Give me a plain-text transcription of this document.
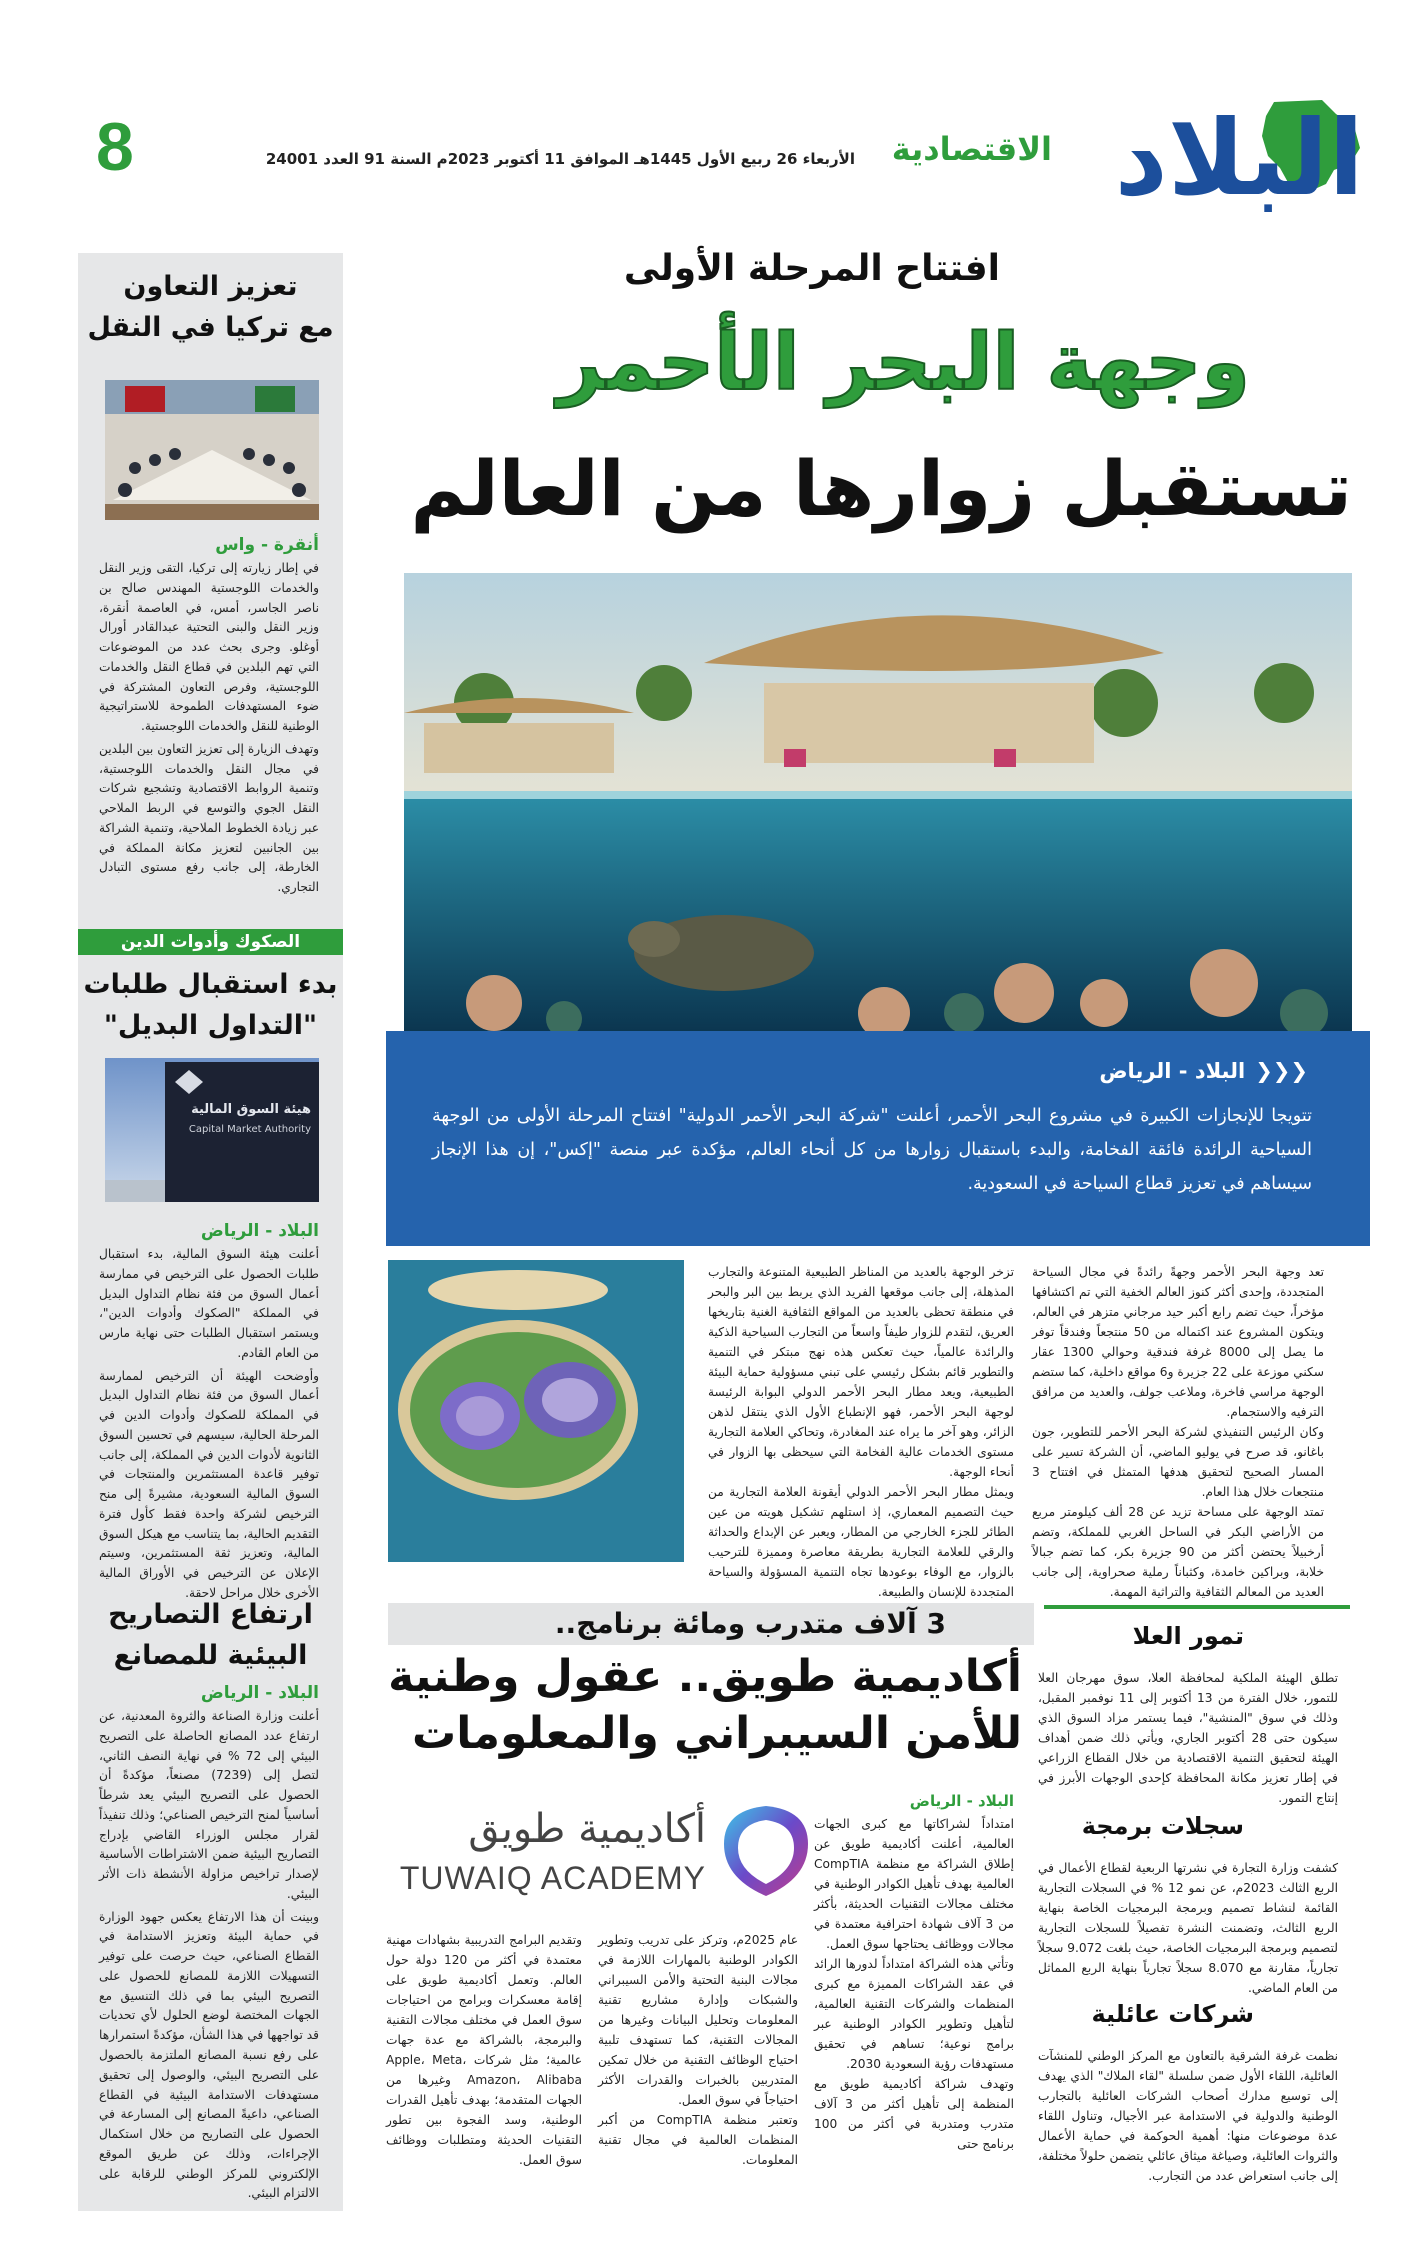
البلاد
الاقتصادية
الأربعاء 26 ربيع الأول 1445هـ الموافق 11 أكتوبر 2023م السنة 91 العدد 24001
8
تعزيز التعاون
مع تركيا في النقل
أنقرة - واس

في إطار زيارته إلى تركيا، التقى وزير النقل والخدمات اللوجستية المهندس صالح بن ناصر الجاسر، أمس، في العاصمة أنقرة، وزير النقل والبنى التحتية عبدالقادر أورال أوغلو. وجرى بحث عدد من الموضوعات التي تهم البلدين في قطاع النقل والخدمات اللوجستية، وفرص التعاون المشتركة في ضوء المستهدفات الطموحة للاستراتيجية الوطنية للنقل والخدمات اللوجستية.

وتهدف الزيارة إلى تعزيز التعاون بين البلدين في مجال النقل والخدمات اللوجستية، وتنمية الروابط الاقتصادية وتشجيع شركات النقل الجوي والتوسع في الربط الملاحي عبر زيادة الخطوط الملاحية، وتنمية الشراكة بين الجانبين لتعزيز مكانة المملكة في الخارطة، إلى جانب رفع مستوى التبادل التجاري.

الصكوك وأدوات الدين
بدء استقبال طلبات
"التداول البديل"
هيئة السوق المالية
Capital Market Authority
البلاد - الرياض

أعلنت هيئة السوق المالية، بدء استقبال طلبات الحصول على الترخيص في ممارسة أعمال السوق من فئة نظام التداول البديل في المملكة "الصكوك وأدوات الدين"، ويستمر استقبال الطلبات حتى نهاية مارس من العام القادم.

وأوضحت الهيئة أن الترخيص لممارسة أعمال السوق من فئة نظام التداول البديل في المملكة للصكوك وأدوات الدين في المرحلة الحالية، سيسهم في تحسين السوق الثانوية لأدوات الدين في المملكة، إلى جانب توفير قاعدة المستثمرين والمنتجات في السوق المالية السعودية، مشيرةً إلى منح الترخيص لشركة واحدة فقط كأول فترة التقديم الحالية، بما يتناسب مع هيكل السوق المالية، وتعزيز ثقة المستثمرين، وسيتم الإعلان عن الترخيص في الأوراق المالية الأخرى خلال مراحل لاحقة.

ارتفاع التصاريح
البيئية للمصانع
البلاد - الرياض

أعلنت وزارة الصناعة والثروة المعدنية، عن ارتفاع عدد المصانع الحاصلة على التصريح البيئي إلى 72 % في نهاية النصف الثاني، لتصل إلى (7239) مصنعاً، مؤكدةً أن الحصول على التصريح البيئي يعد شرطاً أساسياً لمنح الترخيص الصناعي؛ وذلك تنفيذاً لقرار مجلس الوزراء القاضي بإدراج التصاريح البيئية ضمن الاشتراطات الأساسية لإصدار تراخيص مزاولة الأنشطة ذات الأثر البيئي.

وبينت أن هذا الارتفاع يعكس جهود الوزارة في حماية البيئة وتعزيز الاستدامة في القطاع الصناعي، حيث حرصت على توفير التسهيلات اللازمة للمصانع للحصول على التصريح البيئي بما في ذلك التنسيق مع الجهات المختصة لوضع الحلول لأي تحديات قد تواجهها في هذا الشأن، مؤكدةً استمرارها على رفع نسبة المصانع الملتزمة بالحصول على التصريح البيئي، والوصول إلى تحقيق مستهدفات الاستدامة البيئية في القطاع الصناعي، داعيةً المصانع إلى المسارعة في الحصول على التصاريح من خلال استكمال الإجراءات، وذلك عن طريق الموقع الإلكتروني للمركز الوطني للرقابة على الالتزام البيئي.

افتتاح المرحلة الأولى
وجهة البحر الأحمر
تستقبل زوارها من العالم
❮❮❮البلاد - الرياض
تتويجا للإنجازات الكبيرة في مشروع البحر الأحمر، أعلنت "شركة البحر الأحمر الدولية" افتتاح المرحلة الأولى من الوجهة السياحية الرائدة فائقة الفخامة، والبدء باستقبال زوارها من كل أنحاء العالم، مؤكدة عبر منصة "إكس"، إن هذا الإنجاز سيساهم في تعزيز قطاع السياحة في السعودية.
تعد وجهة البحر الأحمر وجهةً رائدةً في مجال السياحة المتجددة، وإحدى أكثر كنوز العالم الخفية التي تم اكتشافها مؤخراً، حيث تضم رابع أكبر حيد مرجاني متزهر في العالم، ويتكون المشروع عند اكتماله من 50 منتجعاً وفندقاً توفر ما يصل إلى 8000 غرفة فندقية وحوالي 1300 عقار سكني موزعة على 22 جزيرة و6 مواقع داخلية، كما ستضم الوجهة مراسي فاخرة، وملاعب جولف، والعديد من مرافق الترفيه والاستجمام.
وكان الرئيس التنفيذي لشركة البحر الأحمر للتطوير، جون باغانو، قد صرح في يوليو الماضي، أن الشركة تسير على المسار الصحيح لتحقيق هدفها المتمثل في افتتاح 3 منتجعات خلال هذا العام.
تمتد الوجهة على مساحة تزيد عن 28 ألف كيلومتر مربع من الأراضي البكر في الساحل الغربي للمملكة، وتضم أرخبيلاً يحتضن أكثر من 90 جزيرة بكر، كما تضم جبالاً خلابة، وبراكين خامدة، وكثباناً رملية صحراوية، إلى جانب العديد من المعالم الثقافية والتراثية المهمة.
تزخر الوجهة بالعديد من المناظر الطبيعية المتنوعة والتجارب المذهلة، إلى جانب موقعها الفريد الذي يربط بين البر والبحر في منطقة تحظى بالعديد من المواقع الثقافية الغنية بتاريخها العريق، لتقدم للزوار طيفاً واسعاً من التجارب السياحية الذكية والرائدة عالمياً، حيث تعكس هذه نهج مبتكر في التنمية والتطوير قائم بشكل رئيسي على تبني مسؤولية حماية البيئة الطبيعية، ويعد مطار البحر الأحمر الدولي البوابة الرئيسة لوجهة البحر الأحمر، فهو الإنطباع الأول الذي ينتقل لذهن الزائر، وهو آخر ما يراه عند المغادرة، وتحاكي العلامة التجارية مستوى الخدمات عالية الفخامة التي سيحظى بها الزوار في أنحاء الوجهة.
ويمثل مطار البحر الأحمر الدولي أيقونة العلامة التجارية من حيث التصميم المعماري، إذ استلهم تشكيل هويته من عين الطائر للجزء الخارجي من المطار، ويعبر عن الإبداع والحداثة والرقي للعلامة التجارية بطريقة معاصرة ومميزة للترحيب بالزوار، مع الوفاء بوعودها تجاه التنمية المسؤولة والسياحة المتجددة للإنسان والطبيعة.
تمور العلا
تطلق الهيئة الملكية لمحافظة العلا، سوق مهرجان العلا للتمور، خلال الفترة من 13 أكتوبر إلى 11 نوفمبر المقبل، وذلك في سوق "المنشية"، فيما يستمر مزاد السوق الذي سيكون حتى 28 أكتوبر الجاري، ويأتي ذلك ضمن أهداف الهيئة لتحقيق التنمية الاقتصادية من خلال القطاع الزراعي في إطار تعزيز مكانة المحافظة كإحدى الوجهات الأبرز في إنتاج التمور.
سجلات برمجة
كشفت وزارة التجارة في نشرتها الربعية لقطاع الأعمال في الربع الثالث 2023م، عن نمو 12 % في السجلات التجارية القائمة لنشاط تصميم وبرمجة البرمجيات الخاصة بنهاية الربع الثالث، وتضمنت النشرة تفصيلاً للسجلات التجارية لتصميم وبرمجة البرمجيات الخاصة، حيث بلغت 9.072 سجلاً تجارياً، مقارنة مع 8.070 سجلاً تجارياً بنهاية الربع المماثل من العام الماضي.
شركات عائلية
نظمت غرفة الشرقية بالتعاون مع المركز الوطني للمنشآت العائلية، اللقاء الأول ضمن سلسلة "لقاء الملاك" الذي يهدف إلى توسيع مدارك أصحاب الشركات العائلية بالتجارب الوطنية والدولية في الاستدامة عبر الأجيال، وتناول اللقاء عدة موضوعات منها: أهمية الحوكمة في حماية الأعمال والثروات العائلية، وصياغة ميثاق عائلي يتضمن حلولاً مختلفة، إلى جانب استعراض عدد من التجارب.
3 آلاف متدرب ومائة برنامج..
أكاديمية طويق.. عقول وطنية
للأمن السيبراني والمعلومات
أكاديمية طويق
TUWAIQ ACADEMY
البلاد - الرياض
امتداداً لشراكاتها مع كبرى الجهات العالمية، أعلنت أكاديمية طويق عن إطلاق الشراكة مع منظمة CompTIA العالمية بهدف تأهيل الكوادر الوطنية في مختلف مجالات التقنيات الحديثة، بأكثر من 3 آلاف شهادة احترافية معتمدة في مجالات ووظائف يحتاجها سوق العمل.
وتأتي هذه الشراكة امتداداً لدورها الرائد في عقد الشراكات المميزة مع كبرى المنظمات والشركات التقنية العالمية، لتأهيل وتطوير الكوادر الوطنية عبر برامج نوعية؛ تساهم في تحقيق مستهدفات رؤية السعودية 2030.
وتهدف شراكة أكاديمية طويق مع المنظمة إلى تأهيل أكثر من 3 آلاف متدرب ومتدربة في أكثر من 100 برنامج حتى
عام 2025م، وتركز على تدريب وتطوير الكوادر الوطنية بالمهارات اللازمة في مجالات البنية التحتية والأمن السيبراني والشبكات وإدارة مشاريع تقنية المعلومات وتحليل البيانات وغيرها من المجالات التقنية، كما تستهدف تلبية احتياج الوظائف التقنية من خلال تمكين المتدربين بالخبرات والقدرات الأكثر احتياجاً في سوق العمل.
وتعتبر منظمة CompTIA من أكبر المنظمات العالمية في مجال تقنية المعلومات.
وتقديم البرامج التدريبية بشهادات مهنية معتمدة في أكثر من 120 دولة حول العالم. وتعمل أكاديمية طويق على إقامة معسكرات وبرامج من احتياجات سوق العمل في مختلف مجالات التقنية والبرمجة، بالشراكة مع عدة جهات عالمية؛ مثل شركات Apple، Meta، Amazon، Alibaba وغيرها من الجهات المتقدمة؛ بهدف تأهيل القدرات الوطنية، وسد الفجوة بين تطور التقنيات الحديثة ومتطلبات ووظائف سوق العمل.
